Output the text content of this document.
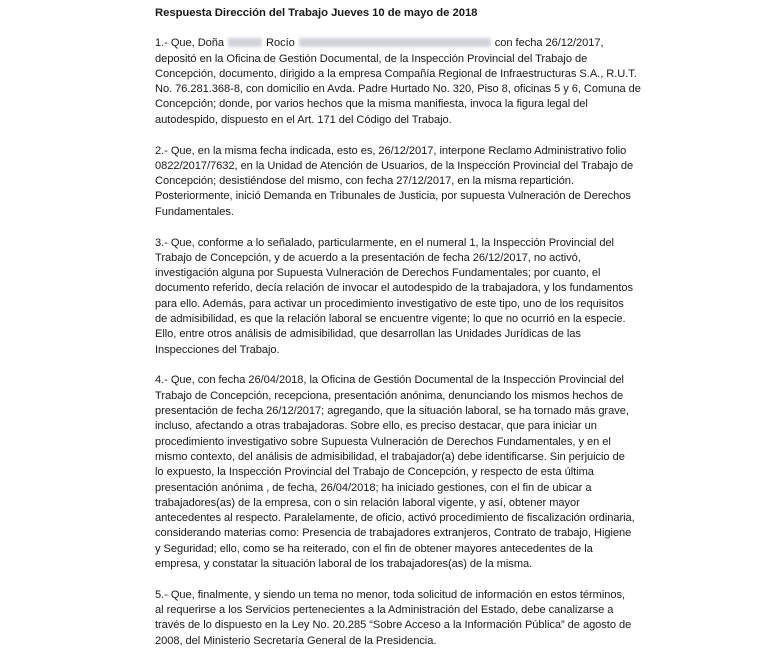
Respuesta Dirección del Trabajo Jueves 10 de mayo de 2018
1.- Que, Doña	Rocío	con fecha 26/12/2017,
depositó en la Oficina de Gestión Documental, de la Inspección Provincial del Trabajo de
Concepción, documento, dirigido a la empresa Compañía Regional de Infraestructuras S.A., R.U.T.
No. 76.281.368-8, con domicilio en Avda. Padre Hurtado No. 320, Piso 8, oficinas 5 y 6, Comuna de
Concepción; donde, por varios hechos que la misma manifiesta, invoca la figura legal del
autodespido, dispuesto en el Art. 171 del Código del Trabajo.
2.- Que, en la misma fecha indicada, esto es, 26/12/2017, interpone Reclamo Administrativo folio
0822/2017/7632, en la Unidad de Atención de Usuarios, de la Inspección Provincial del Trabajo de
Concepción; desistiéndose del mismo, con fecha 27/12/2017, en la misma repartición.
Posteriormente, inició Demanda en Tribunales de Justicia, por supuesta Vulneración de Derechos
Fundamentales.
3.- Que, conforme a lo señalado, particularmente, en el numeral 1, la Inspección Provincial del
Trabajo de Concepción, y de acuerdo a la presentación de fecha 26/12/2017, no activó,
investigación alguna por Supuesta Vulneración de Derechos Fundamentales; por cuanto, el
documento referido, decía relación de invocar el autodespido de la trabajadora, y los fundamentos
para ello. Además, para activar un procedimiento investigativo de este tipo, uno de los requisitos
de admisibilidad, es que la relación laboral se encuentre vigente; lo que no ocurrió en la especie.
Ello, entre otros análisis de admisibilidad, que desarrollan las Unidades Jurídicas de las
Inspecciones del Trabajo.
4.- Que, con fecha 26/04/2018, la Oficina de Gestión Documental de la Inspección Provincial del
Trabajo de Concepción, recepciona, presentación anónima, denunciando los mismos hechos de
presentación de fecha 26/12/2017; agregando, que la situación laboral, se ha tornado más grave,
incluso, afectando a otras trabajadoras. Sobre ello, es preciso destacar, que para iniciar un
procedimiento investigativo sobre Supuesta Vulneración de Derechos Fundamentales, y en el
mismo contexto, del análisis de admisibilidad, el trabajador(a) debe identificarse. Sin perjuicio de
lo expuesto, la Inspección Provincial del Trabajo de Concepción, y respecto de esta última
presentación anónima , de fecha, 26/04/2018; ha iniciado gestiones, con el fin de ubicar a
trabajadores(as) de la empresa, con o sin relación laboral vigente, y así, obtener mayor
antecedentes al respecto. Paralelamente, de oficio, activó procedimiento de fiscalización ordinaria,
considerando materias como: Presencia de trabajadores extranjeros, Contrato de trabajo, Higiene
y Seguridad; ello, como se ha reiterado, con el fin de obtener mayores antecedentes de la
empresa, y constatar la situación laboral de los trabajadores(as) de la misma.
5.- Que, finalmente, y siendo un tema no menor, toda solicitud de información en estos términos,
al requerirse a los Servicios pertenecientes a la Administración del Estado, debe canalizarse a
través de lo dispuesto en la Ley No. 20.285 “Sobre Acceso a la Información Pública” de agosto de
2008, del Ministerio Secretaría General de la Presidencia.
